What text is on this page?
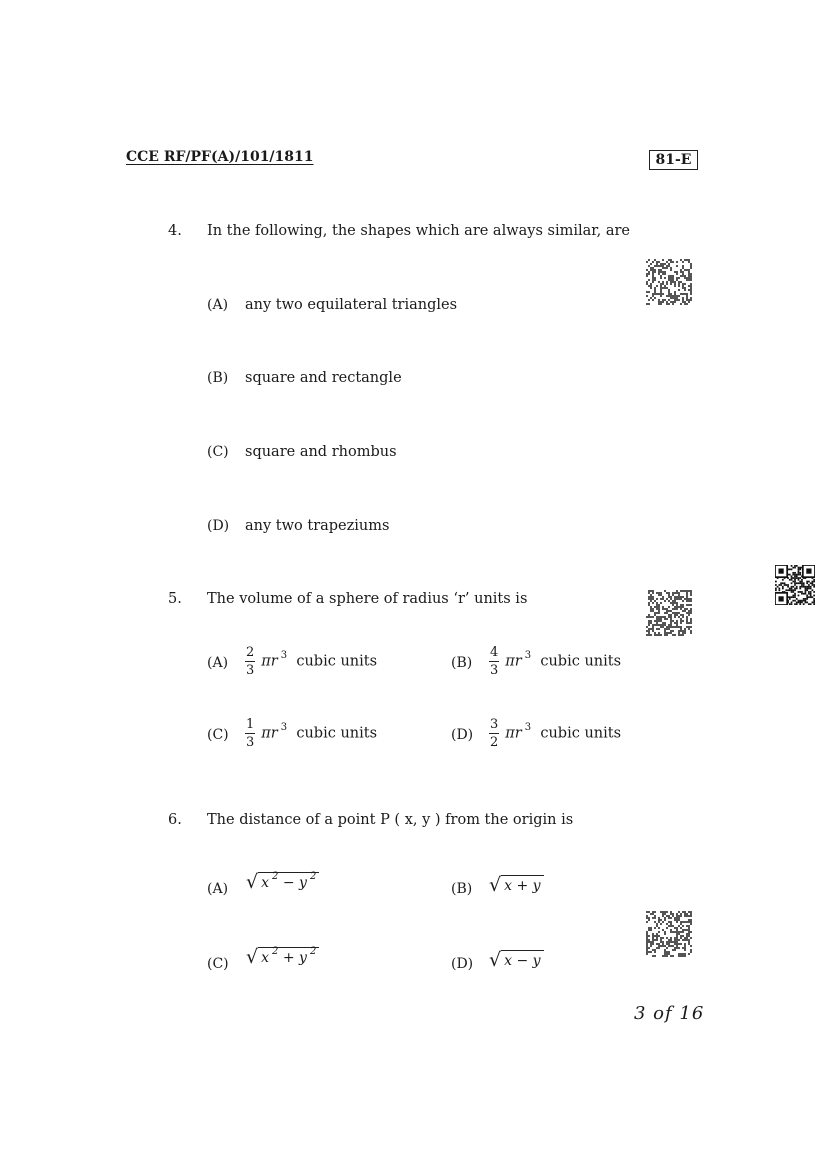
CCE RF/PF(A)/101/1811	81-E
4. In the following, the shapes which are always similar, are
(A) any two equilateral triangles
(B) square and rectangle
(C) square and rhombus
(D) any two trapeziums
5. The volume of a sphere of radius ‘r’ units is
$(A) \frac{2}{3}$ πr $^3$ cubic units	$(B) \frac{4}{3}$ πr $^3$ cubic units
$(C) \frac{1}{3}$ πr $^3$ cubic units	$(D) \frac{3}{2}$ πr $^3$ cubic units
6. The distance of a point P ( x, y ) from the origin is
(A) √ x $^2$ − y $^2$
(B) √ x + y
(C) √ x $^2$ + y $^2$
(D) √ x − y
3 of 16
